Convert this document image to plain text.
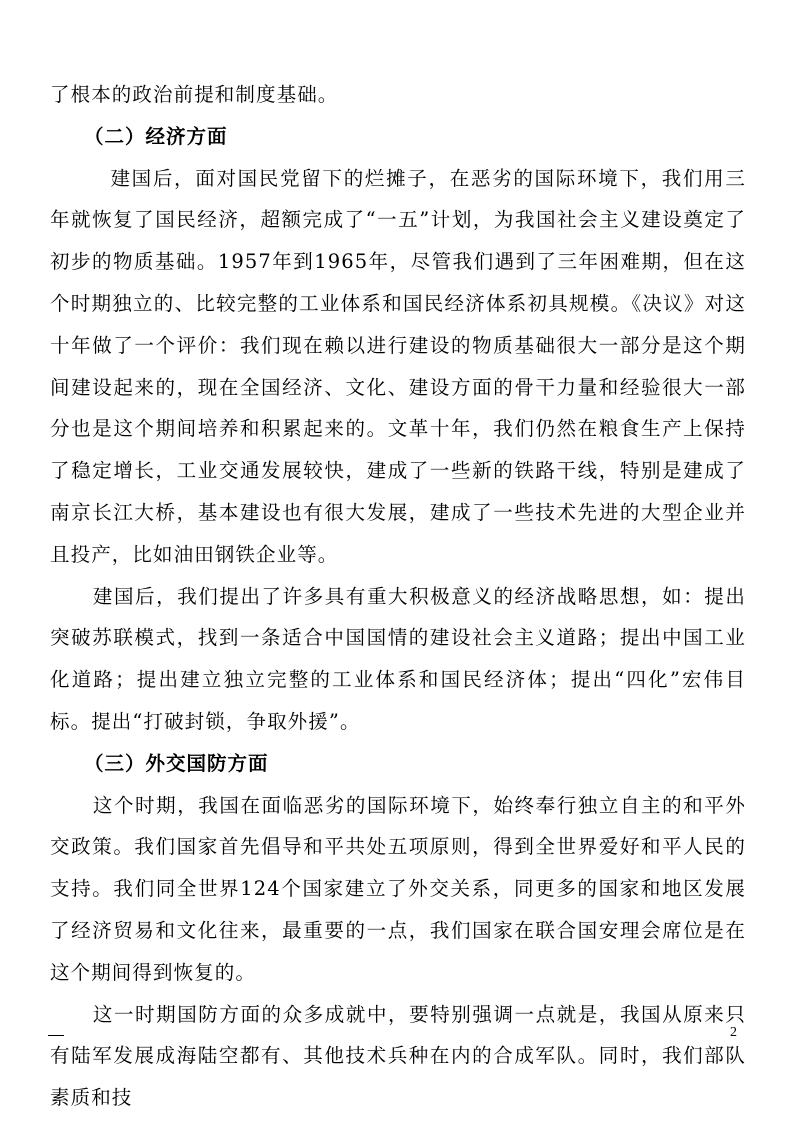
了根本的政治前提和制度基础。

（二）经济方面

建国后，面对国民党留下的烂摊子，在恶劣的国际环境下，我们用三年就恢复了国民经济，超额完成了“一五”计划，为我国社会主义建设奠定了初步的物质基础。1957年到1965年，尽管我们遇到了三年困难期，但在这个时期独立的、比较完整的工业体系和国民经济体系初具规模。《决议》对这十年做了一个评价：我们现在赖以进行建设的物质基础很大一部分是这个期间建设起来的，现在全国经济、文化、建设方面的骨干力量和经验很大一部分也是这个期间培养和积累起来的。文革十年，我们仍然在粮食生产上保持了稳定增长，工业交通发展较快，建成了一些新的铁路干线，特别是建成了南京长江大桥，基本建设也有很大发展，建成了一些技术先进的大型企业并且投产，比如油田钢铁企业等。

建国后，我们提出了许多具有重大积极意义的经济战略思想，如：提出突破苏联模式，找到一条适合中国国情的建设社会主义道路；提出中国工业化道路；提出建立独立完整的工业体系和国民经济体；提出“四化”宏伟目标。提出“打破封锁，争取外援”。

（三）外交国防方面

这个时期，我国在面临恶劣的国际环境下，始终奉行独立自主的和平外交政策。我们国家首先倡导和平共处五项原则，得到全世界爱好和平人民的支持。我们同全世界124个国家建立了外交关系，同更多的国家和地区发展了经济贸易和文化往来，最重要的一点，我们国家在联合国安理会席位是在这个期间得到恢复的。

这一时期国防方面的众多成就中，要特别强调一点就是，我国从原来只有陆军发展成海陆空都有、其他技术兵种在内的合成军队。同时，我们部队素质和技

2
